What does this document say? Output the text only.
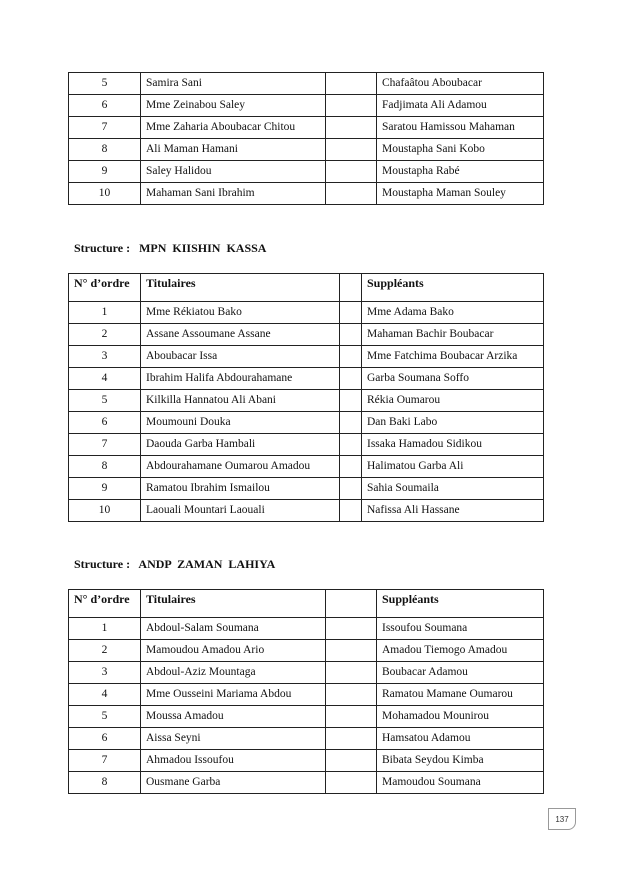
5	Samira Sani		Chafaâtou Aboubacar
6	Mme Zeinabou Saley		Fadjimata Ali Adamou
7	Mme Zaharia Aboubacar Chitou		Saratou Hamissou Mahaman
8	Ali Maman Hamani		Moustapha Sani Kobo
9	Saley Halidou		Moustapha Rabé
10	Mahaman Sani Ibrahim		Moustapha Maman Souley
Structure :   MPN  KIISHIN  KASSA
N° d’ordre	Titulaires		Suppléants
1	Mme Rékiatou Bako		Mme Adama Bako
2	Assane Assoumane Assane		Mahaman Bachir Boubacar
3	Aboubacar Issa		Mme Fatchima Boubacar Arzika
4	Ibrahim Halifa Abdourahamane		Garba Soumana Soffo
5	Kilkilla Hannatou Ali Abani		Rékia Oumarou
6	Moumouni Douka		Dan Baki Labo
7	Daouda Garba Hambali		Issaka Hamadou Sidikou
8	Abdourahamane Oumarou Amadou		Halimatou Garba Ali
9	Ramatou Ibrahim Ismailou		Sahia Soumaila
10	Laouali Mountari Laouali		Nafissa Ali Hassane
Structure :   ANDP  ZAMAN  LAHIYA
N° d’ordre	Titulaires		Suppléants
1	Abdoul-Salam Soumana		Issoufou Soumana
2	Mamoudou Amadou Ario		Amadou Tiemogo Amadou
3	Abdoul-Aziz Mountaga		Boubacar Adamou
4	Mme Ousseini Mariama Abdou		Ramatou Mamane Oumarou
5	Moussa Amadou		Mohamadou Mounirou
6	Aissa Seyni		Hamsatou Adamou
7	Ahmadou Issoufou		Bibata Seydou Kimba
8	Ousmane Garba		Mamoudou Soumana
137
